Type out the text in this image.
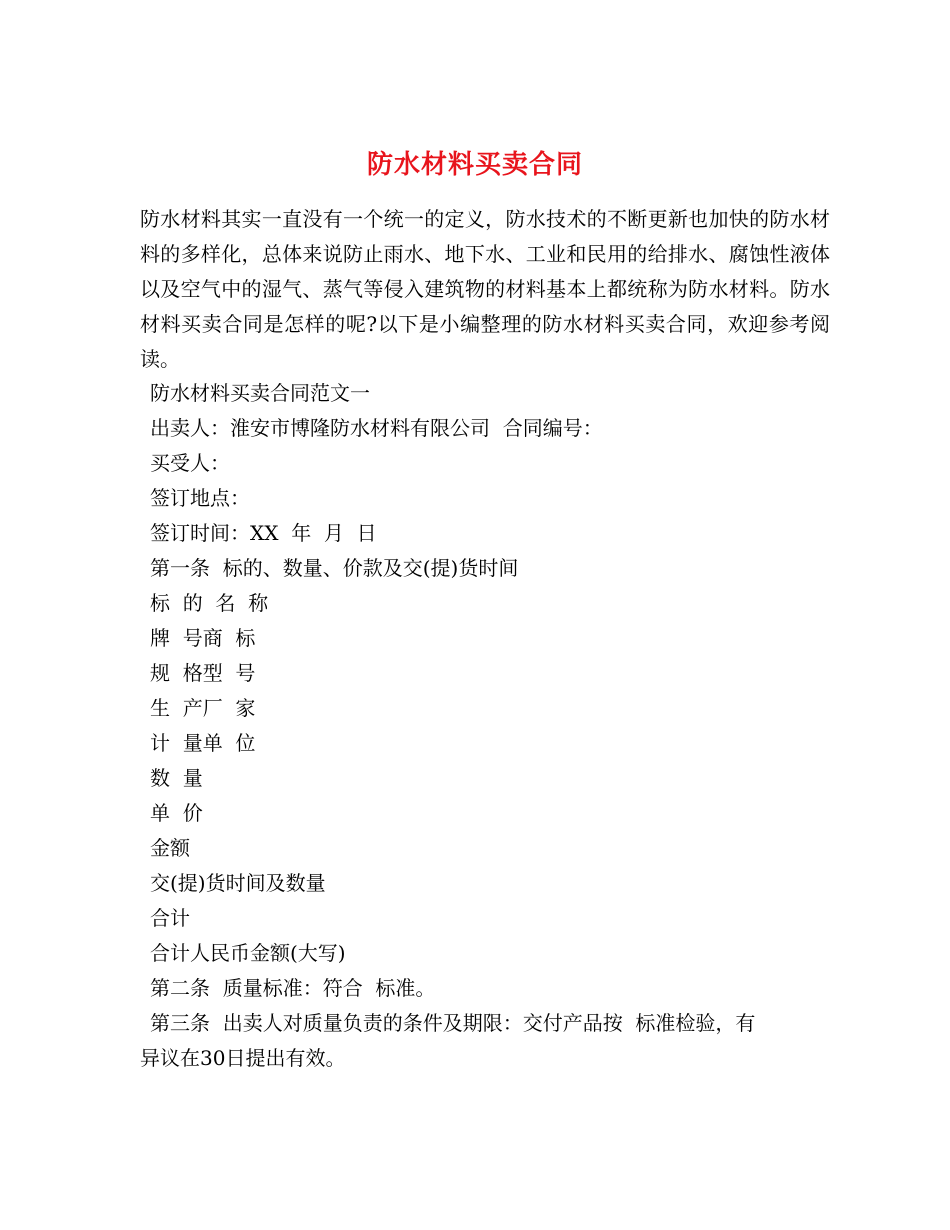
防水材料买卖合同

防水材料其实一直没有一个统一的定义，防水技术的不断更新也加快的防水材料的多样化，总体来说防止雨水、地下水、工业和民用的给排水、腐蚀性液体以及空气中的湿气、蒸气等侵入建筑物的材料基本上都统称为防水材料。防水材料买卖合同是怎样的呢?以下是小编整理的防水材料买卖合同，欢迎参考阅读。

防水材料买卖合同范文一
出卖人：淮安市博隆防水材料有限公司  合同编号：
买受人：
签订地点：
签订时间：XX  年  月  日
第一条  标的、数量、价款及交(提)货时间
标  的  名  称
牌  号商  标
规  格型  号
生  产厂  家
计  量单  位
数  量
单  价
金额
交(提)货时间及数量
合计
合计人民币金额(大写)
第二条  质量标准：符合  标准。
第三条  出卖人对质量负责的条件及期限：交付产品按  标准检验，有
异议在30日提出有效。
